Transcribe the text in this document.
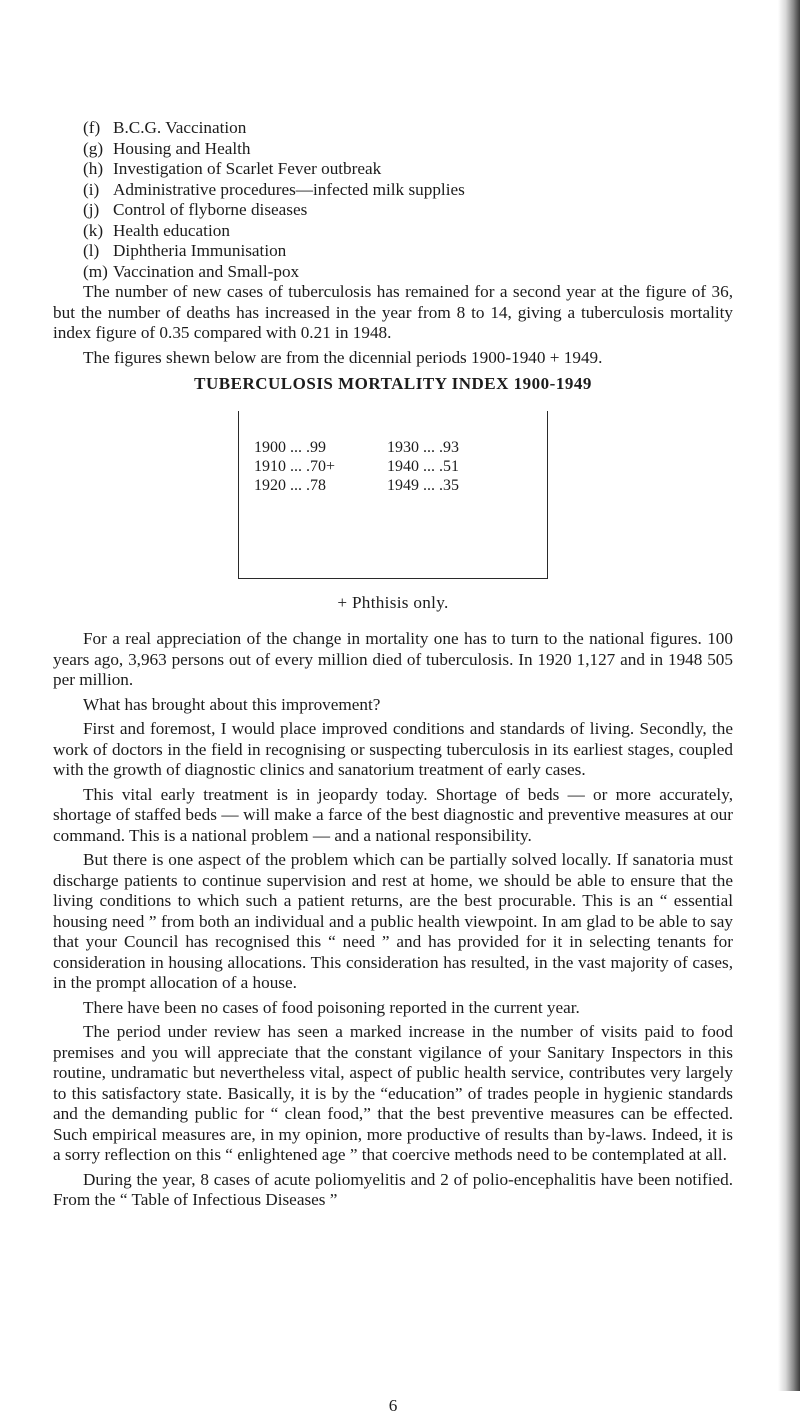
(f) B.C.G. Vaccination
(g) Housing and Health
(h) Investigation of Scarlet Fever outbreak
(i) Administrative procedures—infected milk supplies
(j) Control of flyborne diseases
(k) Health education
(l) Diphtheria Immunisation
(m) Vaccination and Small-pox

The number of new cases of tuberculosis has remained for a second year at the figure of 36, but the number of deaths has increased in the year from 8 to 14, giving a tuberculosis mortality index figure of 0.35 compared with 0.21 in 1948.

The figures shewn below are from the dicennial periods 1900-1940 + 1949.

TUBERCULOSIS MORTALITY INDEX 1900-1949
1900 ... .99	1930 ... .93
1910 ... .70+	1940 ... .51
1920 ... .78	1949 ... .35
+ Phthisis only.

For a real appreciation of the change in mortality one has to turn to the national figures. 100 years ago, 3,963 persons out of every million died of tuberculosis. In 1920 1,127 and in 1948 505 per million.

What has brought about this improvement?

First and foremost, I would place improved conditions and standards of living. Secondly, the work of doctors in the field in recognising or suspecting tuberculosis in its earliest stages, coupled with the growth of diagnostic clinics and sanatorium treatment of early cases.

This vital early treatment is in jeopardy today. Shortage of beds — or more accurately, shortage of staffed beds — will make a farce of the best diagnostic and preventive measures at our command. This is a national problem — and a national responsibility.

But there is one aspect of the problem which can be partially solved locally. If sanatoria must discharge patients to continue supervision and rest at home, we should be able to ensure that the living conditions to which such a patient returns, are the best procurable. This is an “ essential housing need ” from both an individual and a public health viewpoint. In am glad to be able to say that your Council has recognised this “ need ” and has provided for it in selecting tenants for consideration in housing allocations. This consideration has resulted, in the vast majority of cases, in the prompt allocation of a house.

There have been no cases of food poisoning reported in the current year.

The period under review has seen a marked increase in the number of visits paid to food premises and you will appreciate that the constant vigilance of your Sanitary Inspectors in this routine, undramatic but nevertheless vital, aspect of public health service, contributes very largely to this satisfactory state. Basically, it is by the “education” of trades people in hygienic standards and the demanding public for “ clean food,” that the best preventive measures can be effected. Such empirical measures are, in my opinion, more productive of results than by-laws. Indeed, it is a sorry reflection on this “ enlightened age ” that coercive methods need to be contemplated at all.

During the year, 8 cases of acute poliomyelitis and 2 of polio-encephalitis have been notified. From the “ Table of Infectious Diseases ”

6
